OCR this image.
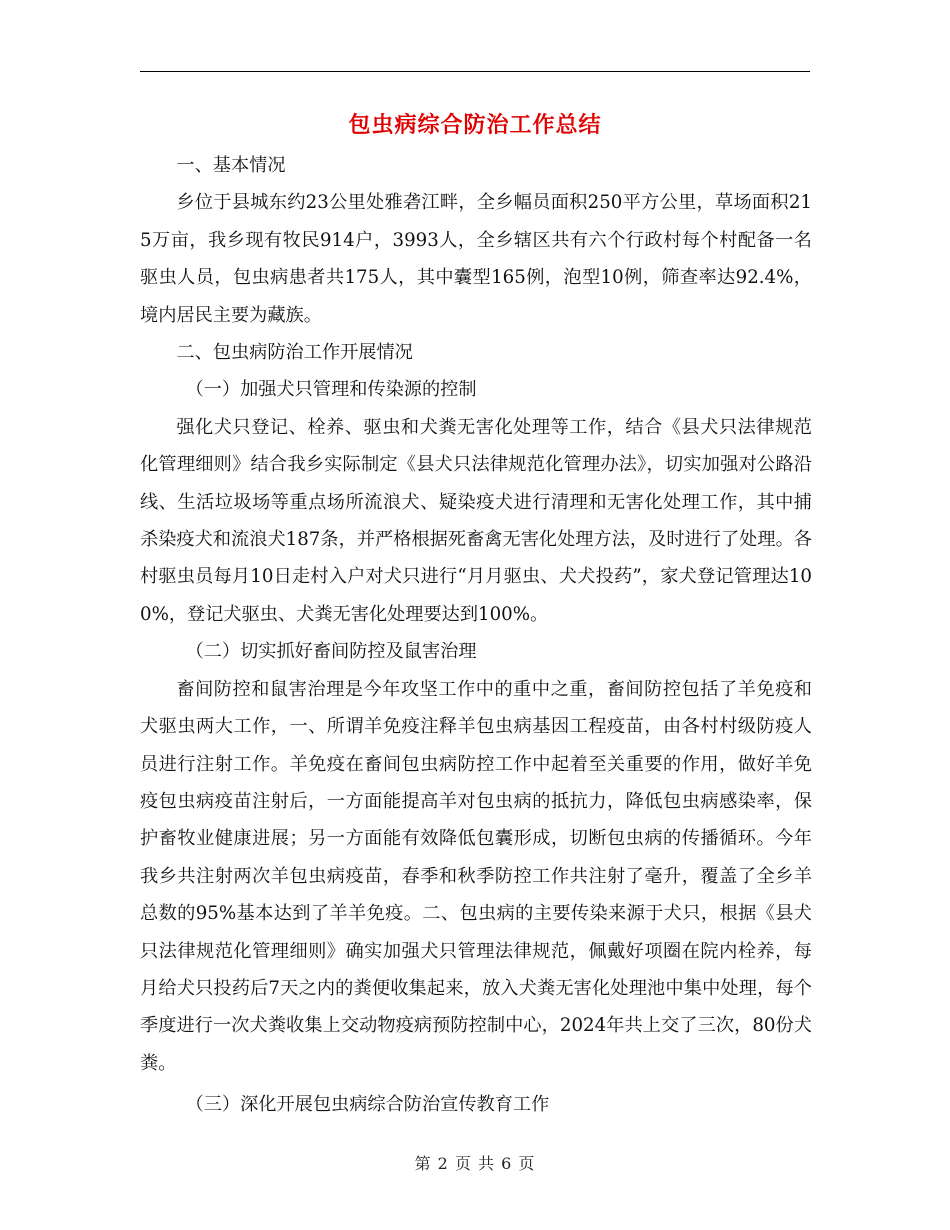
包虫病综合防治工作总结

一、基本情况

乡位于县城东约23公里处雅砻江畔，全乡幅员面积250平方公里，草场面积215万亩，我乡现有牧民914户，3993人，全乡辖区共有六个行政村每个村配备一名驱虫人员，包虫病患者共175人，其中囊型165例，泡型10例，筛查率达92.4%，境内居民主要为藏族。

二、包虫病防治工作开展情况

（一）加强犬只管理和传染源的控制

强化犬只登记、栓养、驱虫和犬粪无害化处理等工作，结合《县犬只法律规范化管理细则》结合我乡实际制定《县犬只法律规范化管理办法》，切实加强对公路沿线、生活垃圾场等重点场所流浪犬、疑染疫犬进行清理和无害化处理工作，其中捕杀染疫犬和流浪犬187条，并严格根据死畜禽无害化处理方法，及时进行了处理。各村驱虫员每月10日走村入户对犬只进行“月月驱虫、犬犬投药”，家犬登记管理达100%，登记犬驱虫、犬粪无害化处理要达到100%。

（二）切实抓好畜间防控及鼠害治理

畜间防控和鼠害治理是今年攻坚工作中的重中之重，畜间防控包括了羊免疫和犬驱虫两大工作，一、所谓羊免疫注释羊包虫病基因工程疫苗，由各村村级防疫人员进行注射工作。羊免疫在畜间包虫病防控工作中起着至关重要的作用，做好羊免疫包虫病疫苗注射后，一方面能提高羊对包虫病的抵抗力，降低包虫病感染率，保护畜牧业健康进展；另一方面能有效降低包囊形成，切断包虫病的传播循环。今年我乡共注射两次羊包虫病疫苗，春季和秋季防控工作共注射了毫升，覆盖了全乡羊总数的95%基本达到了羊羊免疫。二、包虫病的主要传染来源于犬只，根据《县犬只法律规范化管理细则》确实加强犬只管理法律规范，佩戴好项圈在院内栓养，每月给犬只投药后7天之内的粪便收集起来，放入犬粪无害化处理池中集中处理，每个季度进行一次犬粪收集上交动物疫病预防控制中心，2024年共上交了三次，80份犬粪。

（三）深化开展包虫病综合防治宣传教育工作

第 2 页 共 6 页
